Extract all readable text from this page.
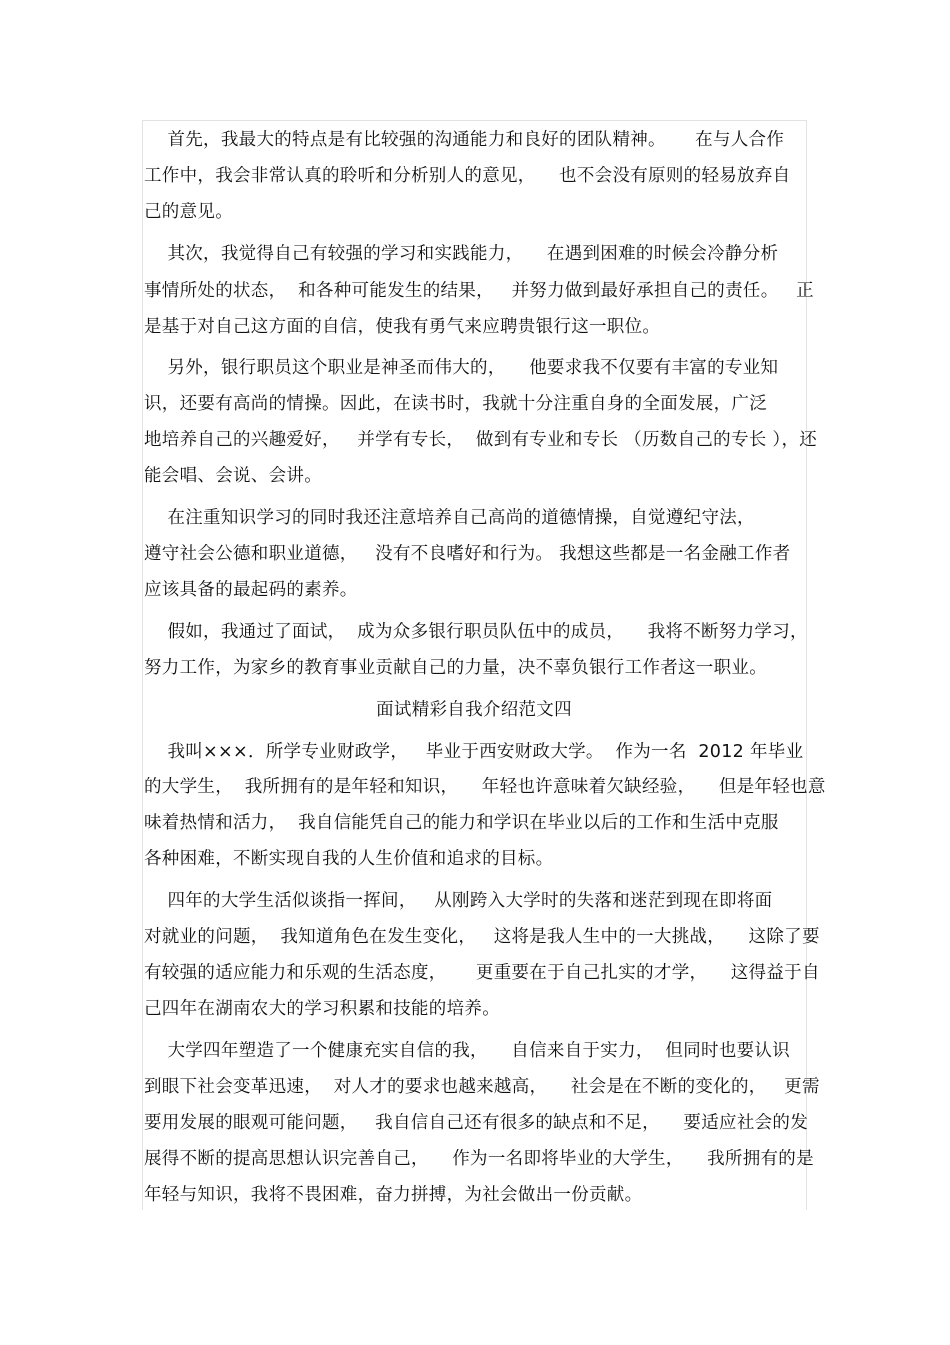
首先，我最大的特点是有比较强的沟通能力和良好的团队精神。     在与人合作
工作中，我会非常认真的聆听和分析别人的意见，    也不会没有原则的轻易放弃自
己的意见。
其次，我觉得自己有较强的学习和实践能力，    在遇到困难的时候会冷静分析
事情所处的状态，  和各种可能发生的结果，   并努力做到最好承担自己的责任。   正
是基于对自己这方面的自信，使我有勇气来应聘贵银行这一职位。
另外，银行职员这个职业是神圣而伟大的，    他要求我不仅要有丰富的专业知
识，还要有高尚的情操。因此，在读书时，我就十分注重自身的全面发展，广泛
地培养自己的兴趣爱好，   并学有专长，  做到有专业和专长 （历数自己的专长 ），还
能会唱、会说、会讲。
在注重知识学习的同时我还注意培养自己高尚的道德情操，自觉遵纪守法，
遵守社会公德和职业道德，   没有不良嗜好和行为。 我想这些都是一名金融工作者
应该具备的最起码的素养。
假如，我通过了面试，  成为众多银行职员队伍中的成员，    我将不断努力学习，
努力工作，为家乡的教育事业贡献自己的力量，决不辜负银行工作者这一职业。
面试精彩自我介绍范文四
我叫×××．所学专业财政学，   毕业于西安财政大学。  作为一名  2012 年毕业
的大学生，  我所拥有的是年轻和知识，    年轻也许意味着欠缺经验，    但是年轻也意
味着热情和活力，  我自信能凭自己的能力和学识在毕业以后的工作和生活中克服
各种困难，不断实现自我的人生价值和追求的目标。
四年的大学生活似谈指一挥间，   从刚跨入大学时的失落和迷茫到现在即将面
对就业的问题，  我知道角色在发生变化，   这将是我人生中的一大挑战，    这除了要
有较强的适应能力和乐观的生活态度，     更重要在于自己扎实的才学，    这得益于自
己四年在湖南农大的学习积累和技能的培养。
大学四年塑造了一个健康充实自信的我，    自信来自于实力，  但同时也要认识
到眼下社会变革迅速，  对人才的要求也越来越高，    社会是在不断的变化的，   更需
要用发展的眼观可能问题，   我自信自己还有很多的缺点和不足，    要适应社会的发
展得不断的提高思想认识完善自己，    作为一名即将毕业的大学生，    我所拥有的是
年轻与知识，我将不畏困难，奋力拼搏，为社会做出一份贡献。
